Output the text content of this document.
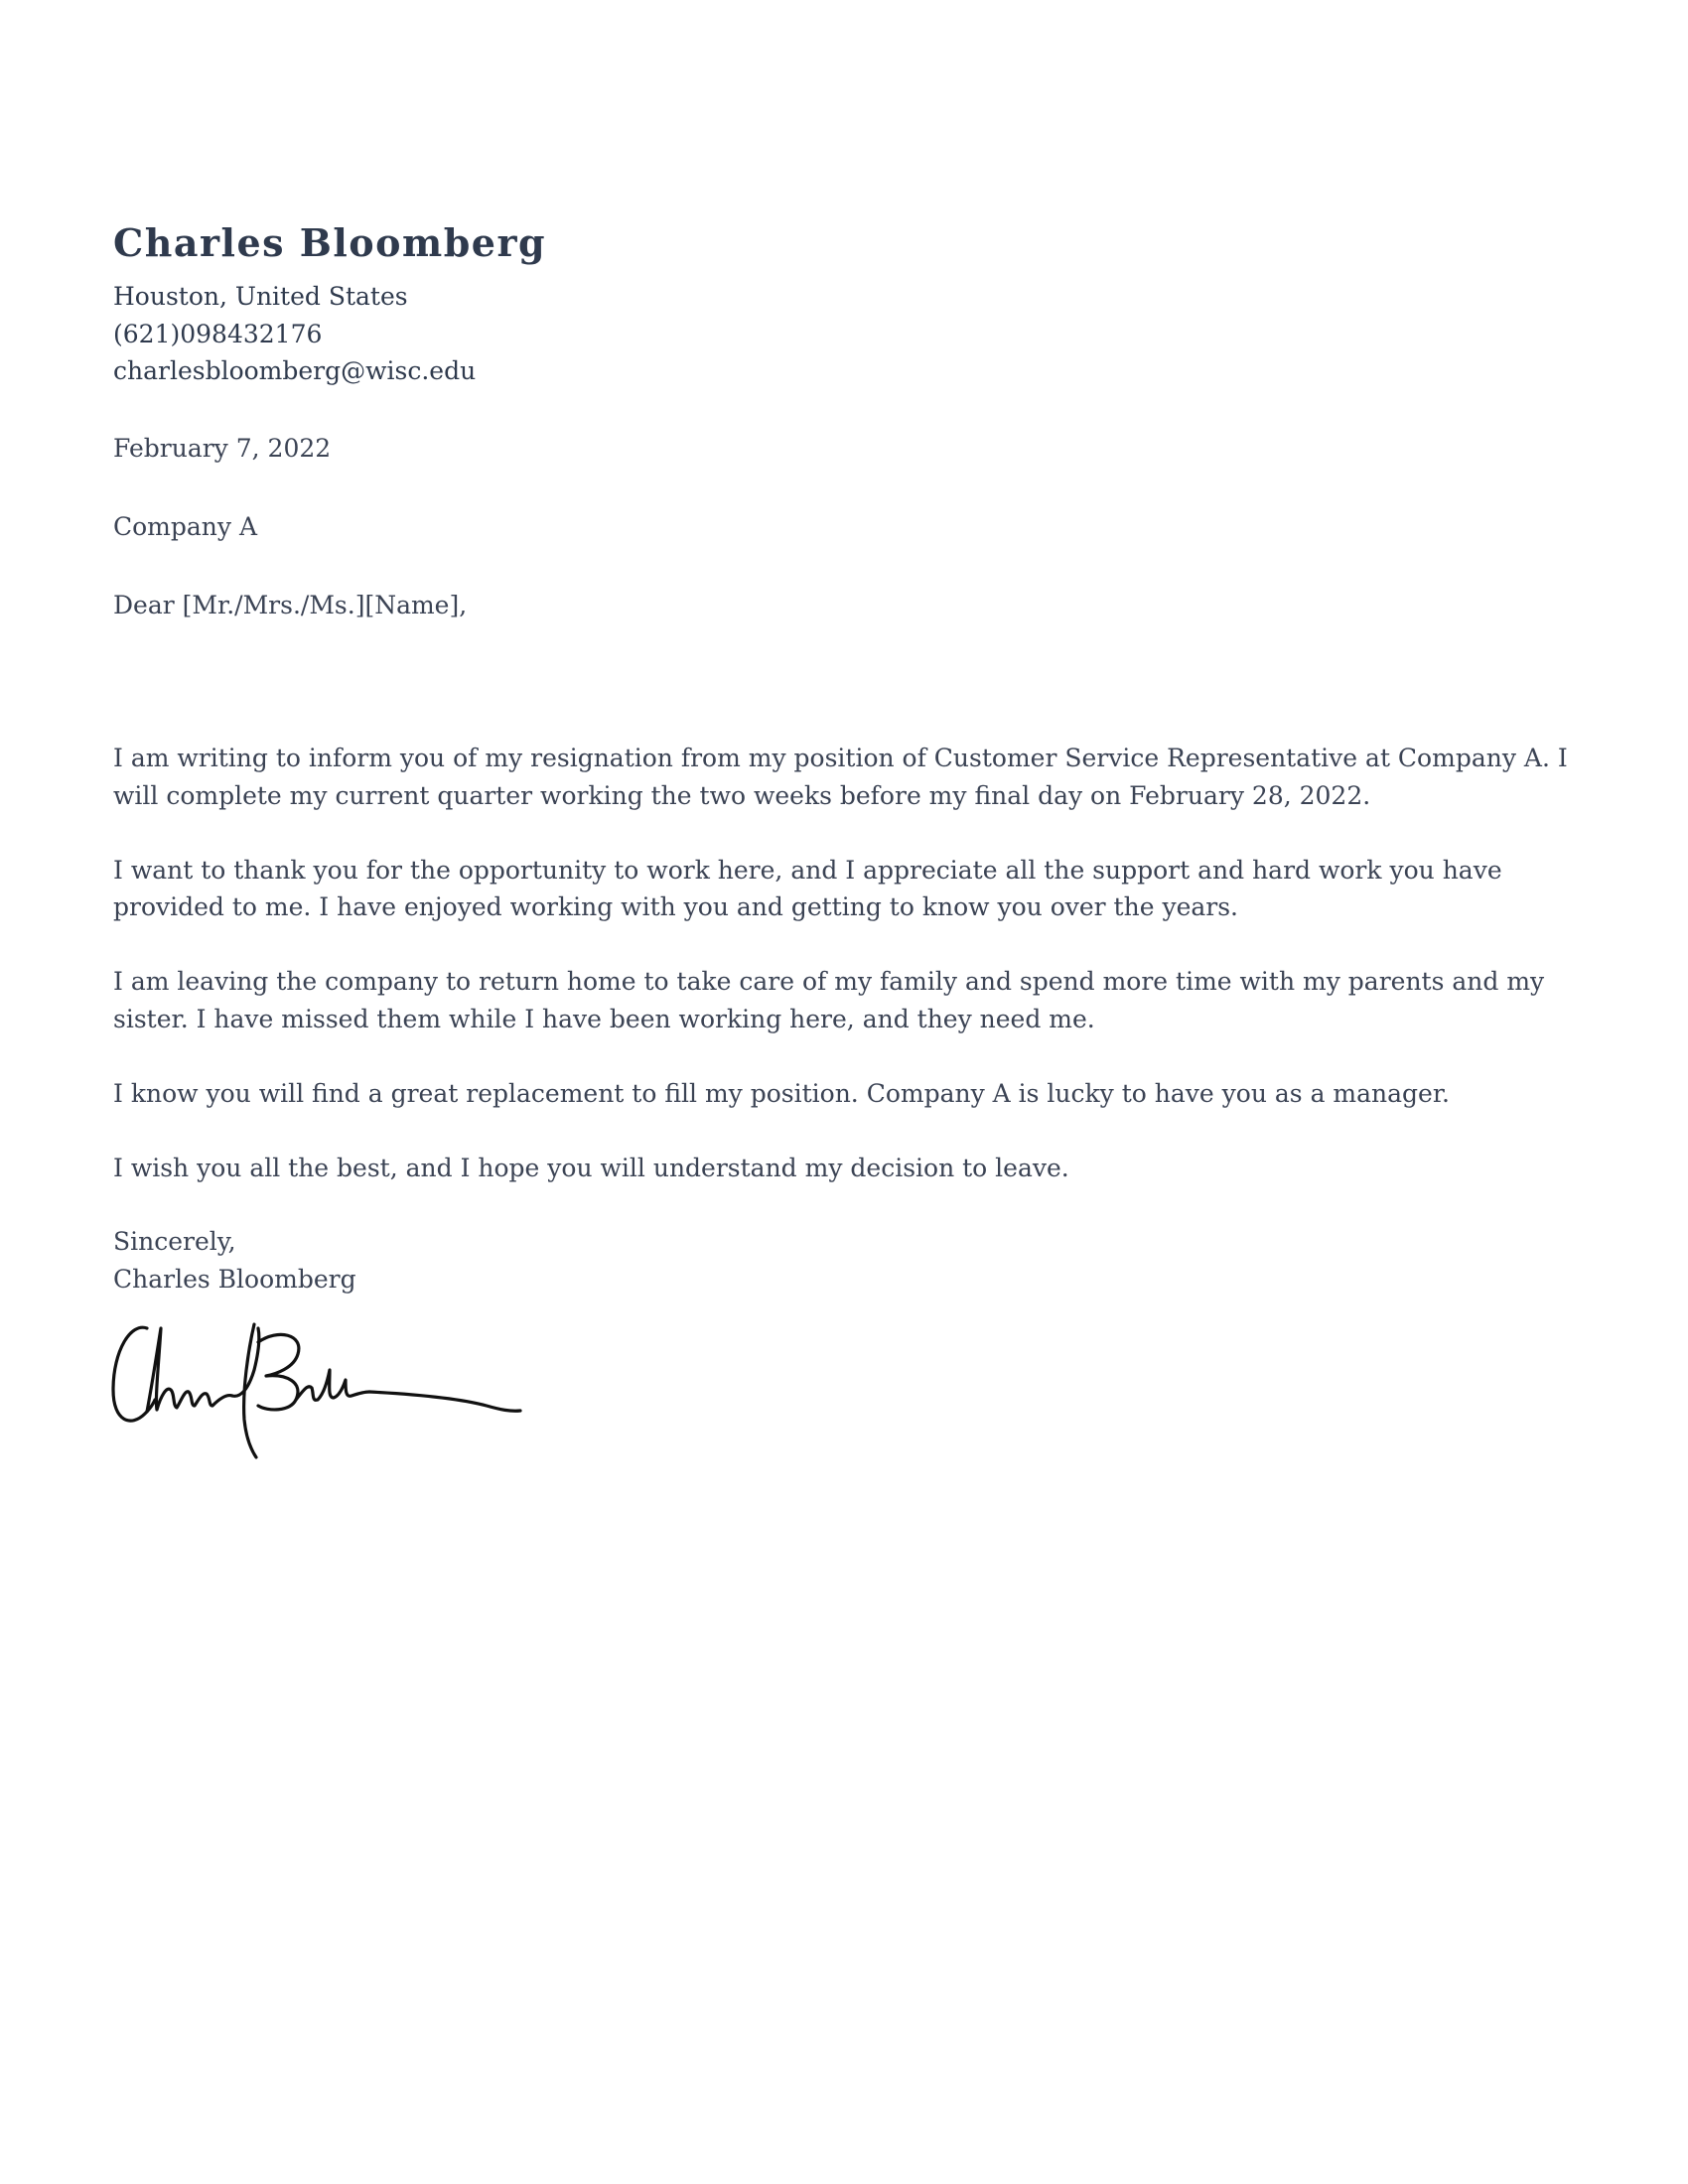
Charles Bloomberg
Houston, United States
(621)098432176
charlesbloomberg@wisc.edu
February 7, 2022
Company A
Dear [Mr./Mrs./Ms.][Name],

I am writing to inform you of my resignation from my position of Customer Service Representative at Company A. I will complete my current quarter working the two weeks before my final day on February 28, 2022.

I want to thank you for the opportunity to work here, and I appreciate all the support and hard work you have provided to me. I have enjoyed working with you and getting to know you over the years.

I am leaving the company to return home to take care of my family and spend more time with my parents and my sister. I have missed them while I have been working here, and they need me.

I know you will find a great replacement to fill my position. Company A is lucky to have you as a manager.

I wish you all the best, and I hope you will understand my decision to leave.

Sincerely,
Charles Bloomberg
